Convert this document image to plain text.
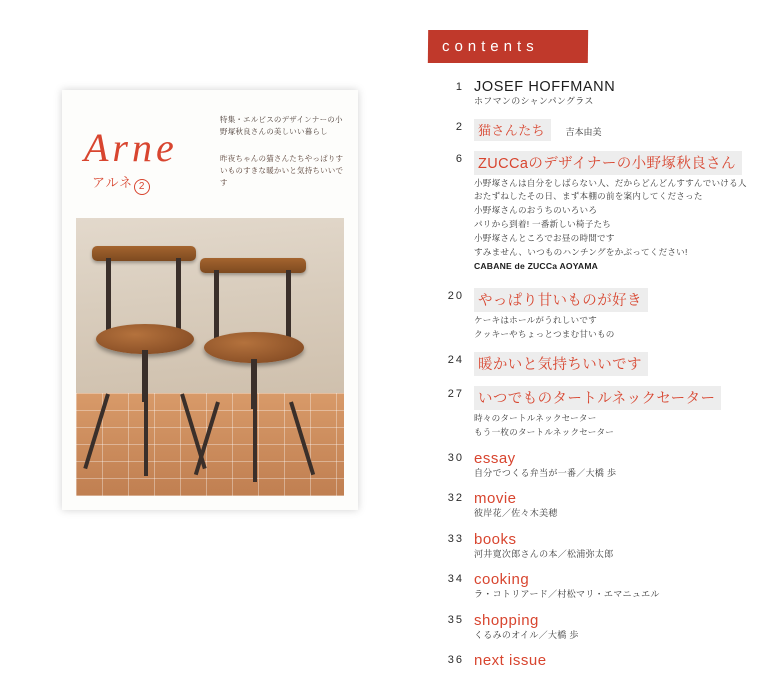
Arne
アルネ 2
特集・エルビスのデザインナーの小野塚秋良さんの美しいい暮らし
昨夜ちゃんの猫さんたちやっぱりすいものすきな暖かいと気持ちいいです
contents
1 JOSEF HOFFMANN
ホフマンのシャンパングラス
2	猫さんたち 吉本由美
6 ZUCCaのデザイナーの小野塚秋良さん
小野塚さんは自分をしばらない人、だからどんどんすすんでいける人
おたずねしたその日、まず本棚の前を案内してくださった
小野塚さんのおうちのいろいろ
パリから到着! 一番新しい椅子たち
小野塚さんところでお昼の時間です
すみません、いつものハンチングをかぶってください!
CABANE de ZUCCa AOYAMA
20 やっぱり甘いものが好き
ケーキはホールがうれしいです
クッキーやちょっとつまむ甘いもの
24 暖かいと気持ちいいです
27 いつでものタートルネックセーター
時々のタートルネックセーター
もう一枚のタートルネックセーター
30 essay
自分でつくる弁当が一番／大橋 歩
32 movie
彼岸花／佐々木美穂
33 books
河井寛次郎さんの本／松浦弥太郎
34 cooking
ラ・コトリアード／村松マリ・エマニュエル
35 shopping
くるみのオイル／大橋 歩
36 next issue
